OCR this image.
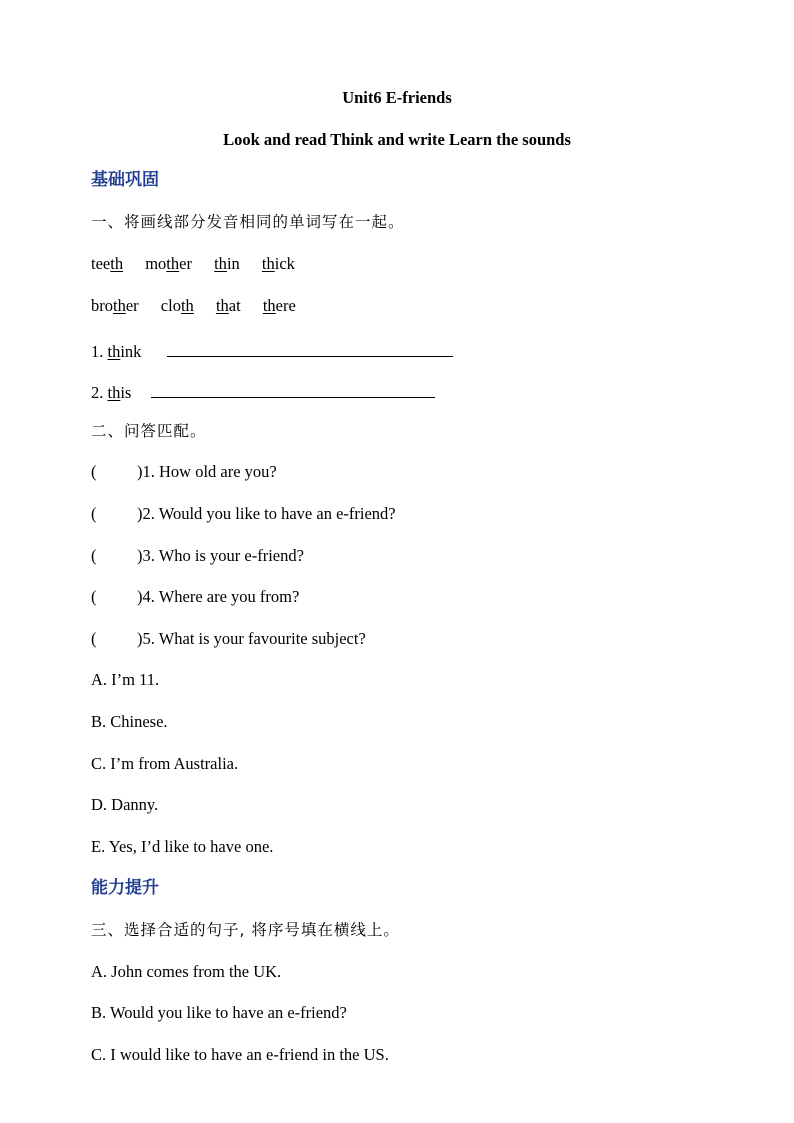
Unit6 E-friends
Look and read Think and write Learn the sounds
基础巩固
一、将画线部分发音相同的单词写在一起。
teeth mother thin thick
brother cloth that there
1. think
2. this
二、问答匹配。
( )1. How old are you?
( )2. Would you like to have an e-friend?
( )3. Who is your e-friend?
( )4. Where are you from?
( )5. What is your favourite subject?
A. I’m 11.
B. Chinese.
C. I’m from Australia.
D. Danny.
E. Yes, I’d like to have one.
能力提升
三、选择合适的句子, 将序号填在横线上。
A. John comes from the UK.
B. Would you like to have an e-friend?
C. I would like to have an e-friend in the US.
